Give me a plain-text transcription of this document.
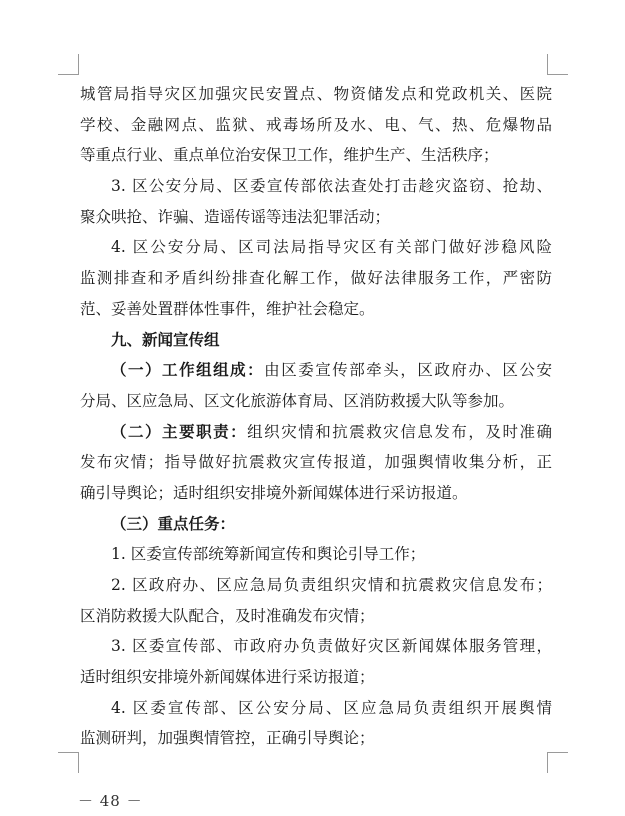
城管局指导灾区加强灾民安置点、物资储发点和党政机关、医院
学校、金融网点、监狱、戒毒场所及水、电、气、热、危爆物品
等重点行业、重点单位治安保卫工作，维护生产、生活秩序；
3. 区公安分局、区委宣传部依法查处打击趁灾盗窃、抢劫、
聚众哄抢、诈骗、造谣传谣等违法犯罪活动；
4. 区公安分局、区司法局指导灾区有关部门做好涉稳风险
监测排查和矛盾纠纷排查化解工作，做好法律服务工作，严密防
范、妥善处置群体性事件，维护社会稳定。
九、新闻宣传组
（一）工作组组成：由区委宣传部牵头，区政府办、区公安
分局、区应急局、区文化旅游体育局、区消防救援大队等参加。
（二）主要职责：组织灾情和抗震救灾信息发布，及时准确
发布灾情；指导做好抗震救灾宣传报道，加强舆情收集分析，正
确引导舆论；适时组织安排境外新闻媒体进行采访报道。
（三）重点任务：
1. 区委宣传部统筹新闻宣传和舆论引导工作；
2. 区政府办、区应急局负责组织灾情和抗震救灾信息发布；
区消防救援大队配合，及时准确发布灾情；
3. 区委宣传部、市政府办负责做好灾区新闻媒体服务管理，
适时组织安排境外新闻媒体进行采访报道；
4. 区委宣传部、区公安分局、区应急局负责组织开展舆情
监测研判，加强舆情管控，正确引导舆论；
－ 48 －
